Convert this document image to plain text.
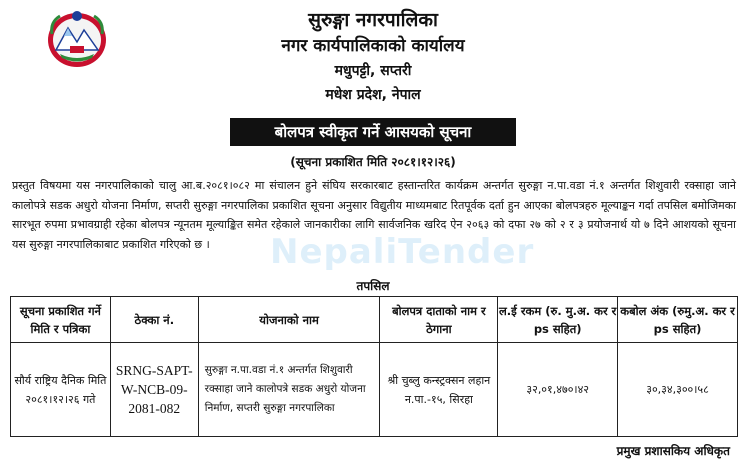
सुरुङ्गा नगरपालिका
नगर कार्यपालिकाको कार्यालय
मधुपट्टी, सप्तरी
मधेश प्रदेश, नेपाल
बोलपत्र स्वीकृत गर्ने आसयको सूचना
(सूचना प्रकाशित मिति २०८१।१२।२६)
NepaliTender

प्रस्तुत विषयमा यस नगरपालिकाको चालु आ.ब.२०८१।०८२ मा संचालन हुने संघिय सरकारबाट हस्तान्तरित कार्यक्रम अन्तर्गत सुरुङ्गा न.पा.वडा नं.१ अन्तर्गत शिशुवारी रक्साहा जाने कालोपत्रे सडक अधुरो योजना निर्माण, सप्तरी सुरुङ्गा नगरपालिका प्रकाशित सूचना अनुसार विद्युतीय माध्यमबाट रितपूर्वक दर्ता हुन आएका बोलपत्रहरु मूल्याङ्कन गर्दा तपसिल बमोजिमका सारभूत रुपमा प्रभावग्राही रहेका बोलपत्र न्यूनतम मूल्याङ्कित समेत रहेकाले जानकारीका लागि सार्वजनिक खरिद ऐन २०६३ को दफा २७ को २ र ३ प्रयोजनार्थ यो ७ दिने आशयको सूचना यस सुरुङ्गा नगरपालिकाबाट प्रकाशित गरिएको छ ।

तपसिल
सूचना प्रकाशित गर्ने मिति र पत्रिका	ठेक्का नं.	योजनाको नाम	बोलपत्र दाताको नाम र ठेगाना	ल.ई रकम (रु. मु.अ. कर र ps सहित)	कबोल अंक (रुमु.अ. कर र ps सहित)
सौर्य राष्ट्रिय दैनिक मिति २०८१।१२।२६ गते	SRNG-SAPT-W-NCB-09-2081-082	सुरुङ्गा न.पा.वडा नं.१ अन्तर्गत शिशुवारी रक्साहा जाने कालोपत्रे सडक अधुरो योजना निर्माण, सप्तरी सुरुङ्गा नगरपालिका	श्री चुब्लु कन्स्ट्रक्सन लहान न.पा.-१५, सिरहा	३२,०१,४७०।४२	३०,३४,३००।५८
प्रमुख प्रशासकिय अधिकृत
